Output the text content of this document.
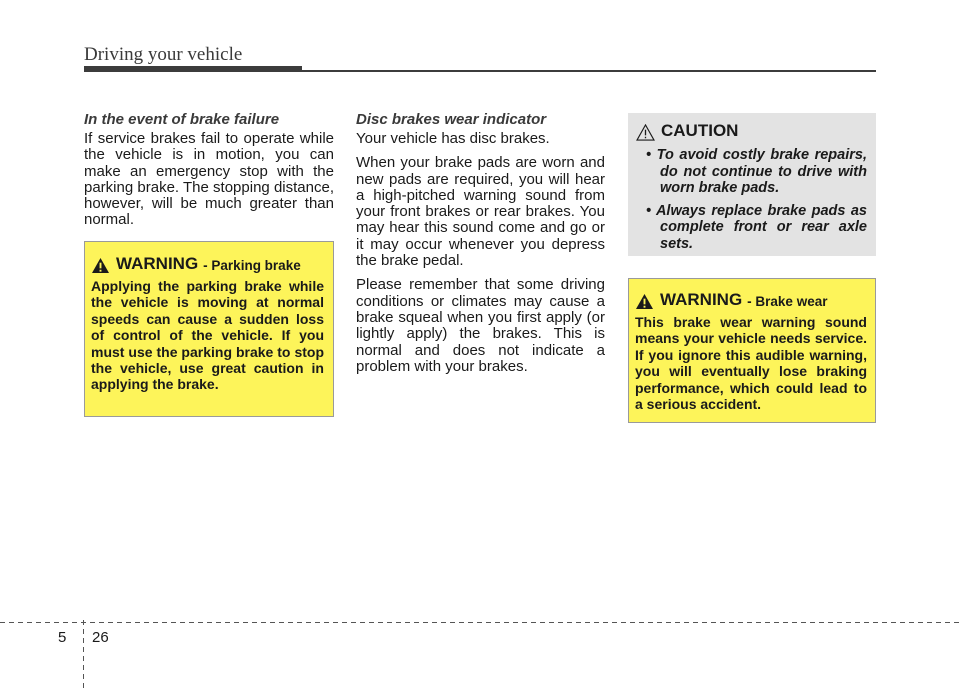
Driving your vehicle
In the event of brake failure

If service brakes fail to operate while the vehicle is in motion, you can make an emergency stop with the parking brake. The stopping distance, however, will be much greater than normal.

WARNING - Parking brake

Applying the parking brake while the vehicle is moving at normal speeds can cause a sudden loss of control of the vehicle. If you must use the parking brake to stop the vehicle, use great caution in applying the brake.

Disc brakes wear indicator

Your vehicle has disc brakes.

When your brake pads are worn and new pads are required, you will hear a high-pitched warning sound from your front brakes or rear brakes. You may hear this sound come and go or it may occur whenever you depress the brake pedal.

Please remember that some driving conditions or climates may cause a brake squeal when you first apply (or lightly apply) the brakes. This is normal and does not indicate a problem with your brakes.

CAUTION
• To avoid costly brake repairs, do not continue to drive with worn brake pads.
• Always replace brake pads as complete front or rear axle sets.
WARNING - Brake wear

This brake wear warning sound means your vehicle needs service. If you ignore this audible warning, you will eventually lose braking performance, which could lead to a serious accident.

5 26
